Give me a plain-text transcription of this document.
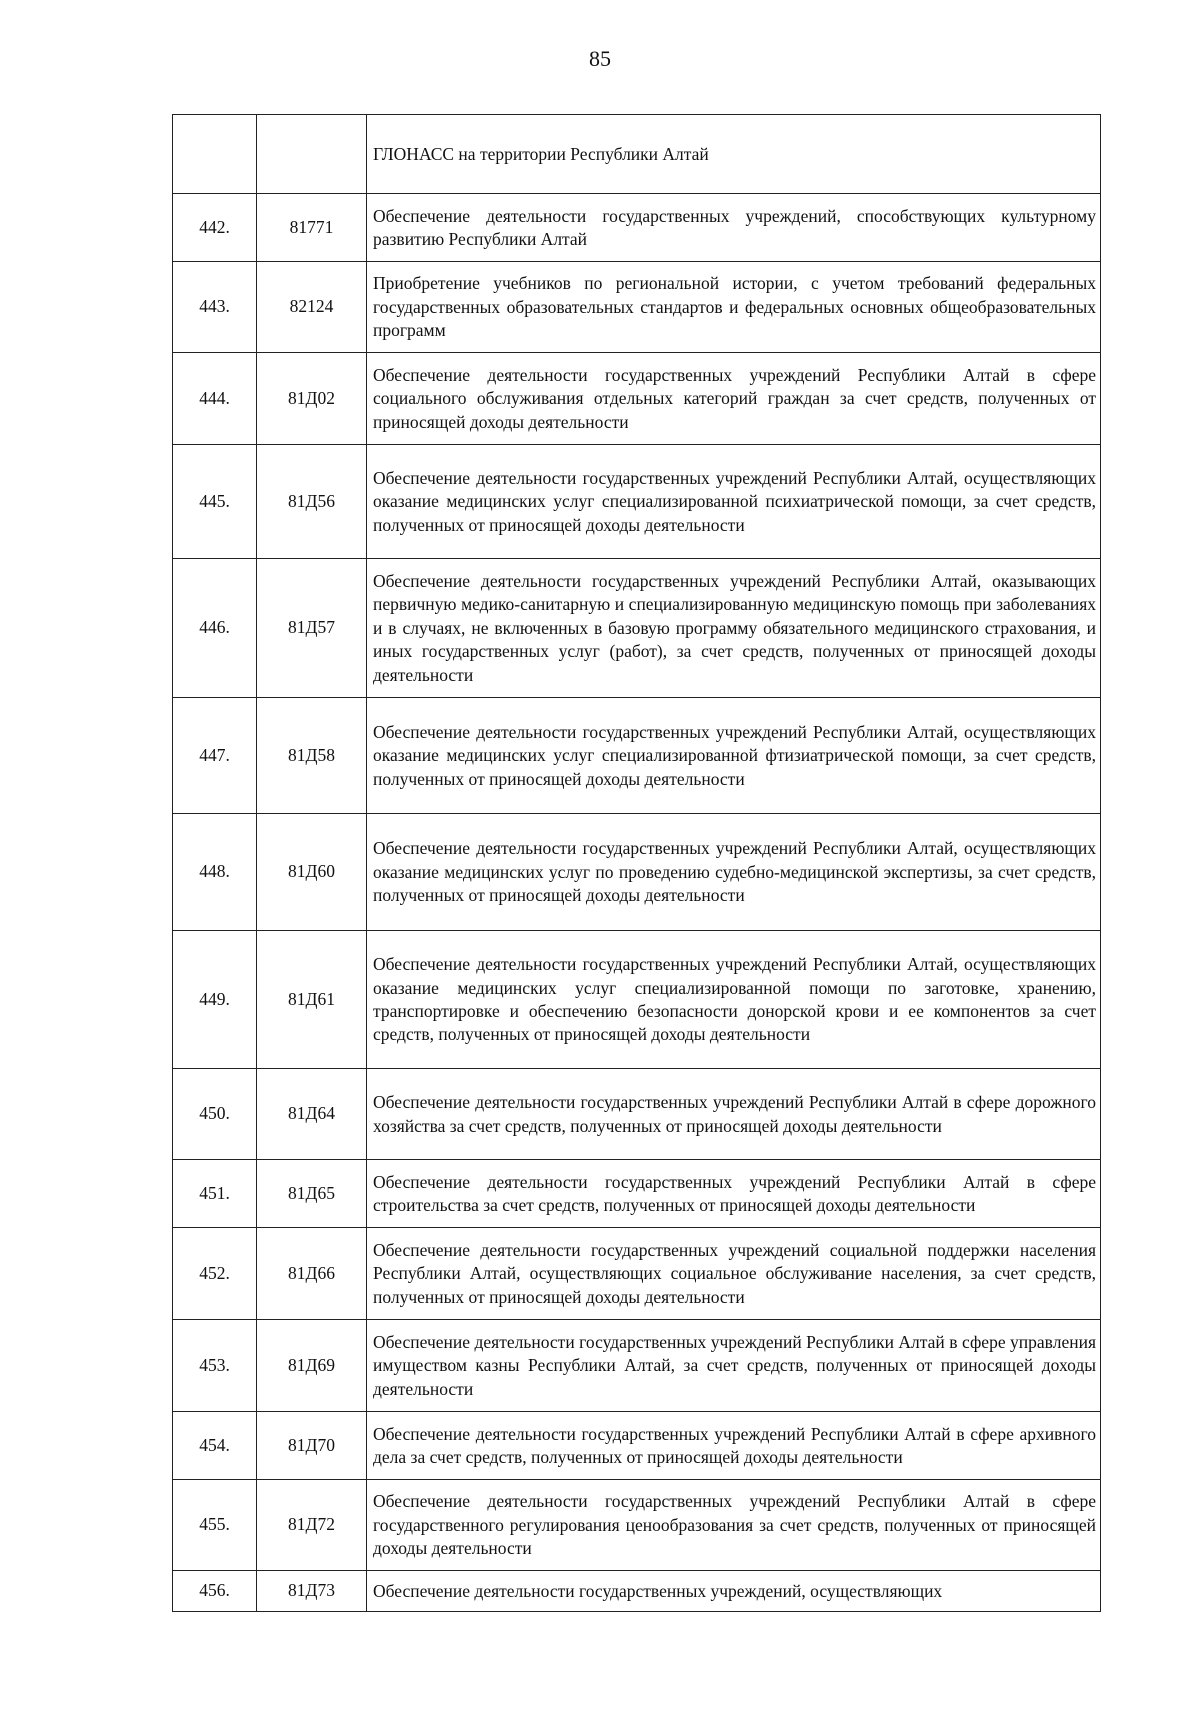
85
		ГЛОНАСС на территории Республики Алтай
442.	81771	Обеспечение деятельности государственных учреждений, способствующих культурному развитию Республики Алтай
443.	82124	Приобретение учебников по региональной истории, с учетом требований федеральных государственных образовательных стандартов и федеральных основных общеобразовательных программ
444.	81Д02	Обеспечение деятельности государственных учреждений Республики Алтай в сфере социального обслуживания отдельных категорий граждан за счет средств, полученных от приносящей доходы деятельности
445.	81Д56	Обеспечение деятельности государственных учреждений Республики Алтай, осуществляющих оказание медицинских услуг специализированной психиатрической помощи, за счет средств, полученных от приносящей доходы деятельности
446.	81Д57	Обеспечение деятельности государственных учреждений Республики Алтай, оказывающих первичную медико-санитарную и специализированную медицинскую помощь при заболеваниях и в случаях, не включенных в базовую программу обязательного медицинского страхования, и иных государственных услуг (работ), за счет средств, полученных от приносящей доходы деятельности
447.	81Д58	Обеспечение деятельности государственных учреждений Республики Алтай, осуществляющих оказание медицинских услуг специализированной фтизиатрической помощи, за счет средств, полученных от приносящей доходы деятельности
448.	81Д60	Обеспечение деятельности государственных учреждений Республики Алтай, осуществляющих оказание медицинских услуг по проведению судебно-медицинской экспертизы, за счет средств, полученных от приносящей доходы деятельности
449.	81Д61	Обеспечение деятельности государственных учреждений Республики Алтай, осуществляющих оказание медицинских услуг специализированной помощи по заготовке, хранению, транспортировке и обеспечению безопасности донорской крови и ее компонентов за счет средств, полученных от приносящей доходы деятельности
450.	81Д64	Обеспечение деятельности государственных учреждений Республики Алтай в сфере дорожного хозяйства за счет средств, полученных от приносящей доходы деятельности
451.	81Д65	Обеспечение деятельности государственных учреждений Республики Алтай в сфере строительства за счет средств, полученных от приносящей доходы деятельности
452.	81Д66	Обеспечение деятельности государственных учреждений социальной поддержки населения Республики Алтай, осуществляющих социальное обслуживание населения, за счет средств, полученных от приносящей доходы деятельности
453.	81Д69	Обеспечение деятельности государственных учреждений Республики Алтай в сфере управления имуществом казны Республики Алтай, за счет средств, полученных от приносящей доходы деятельности
454.	81Д70	Обеспечение деятельности государственных учреждений Республики Алтай в сфере архивного дела за счет средств, полученных от приносящей доходы деятельности
455.	81Д72	Обеспечение деятельности государственных учреждений Республики Алтай в сфере государственного регулирования ценообразования за счет средств, полученных от приносящей доходы деятельности
456.	81Д73	Обеспечение деятельности государственных учреждений, осуществляющих
